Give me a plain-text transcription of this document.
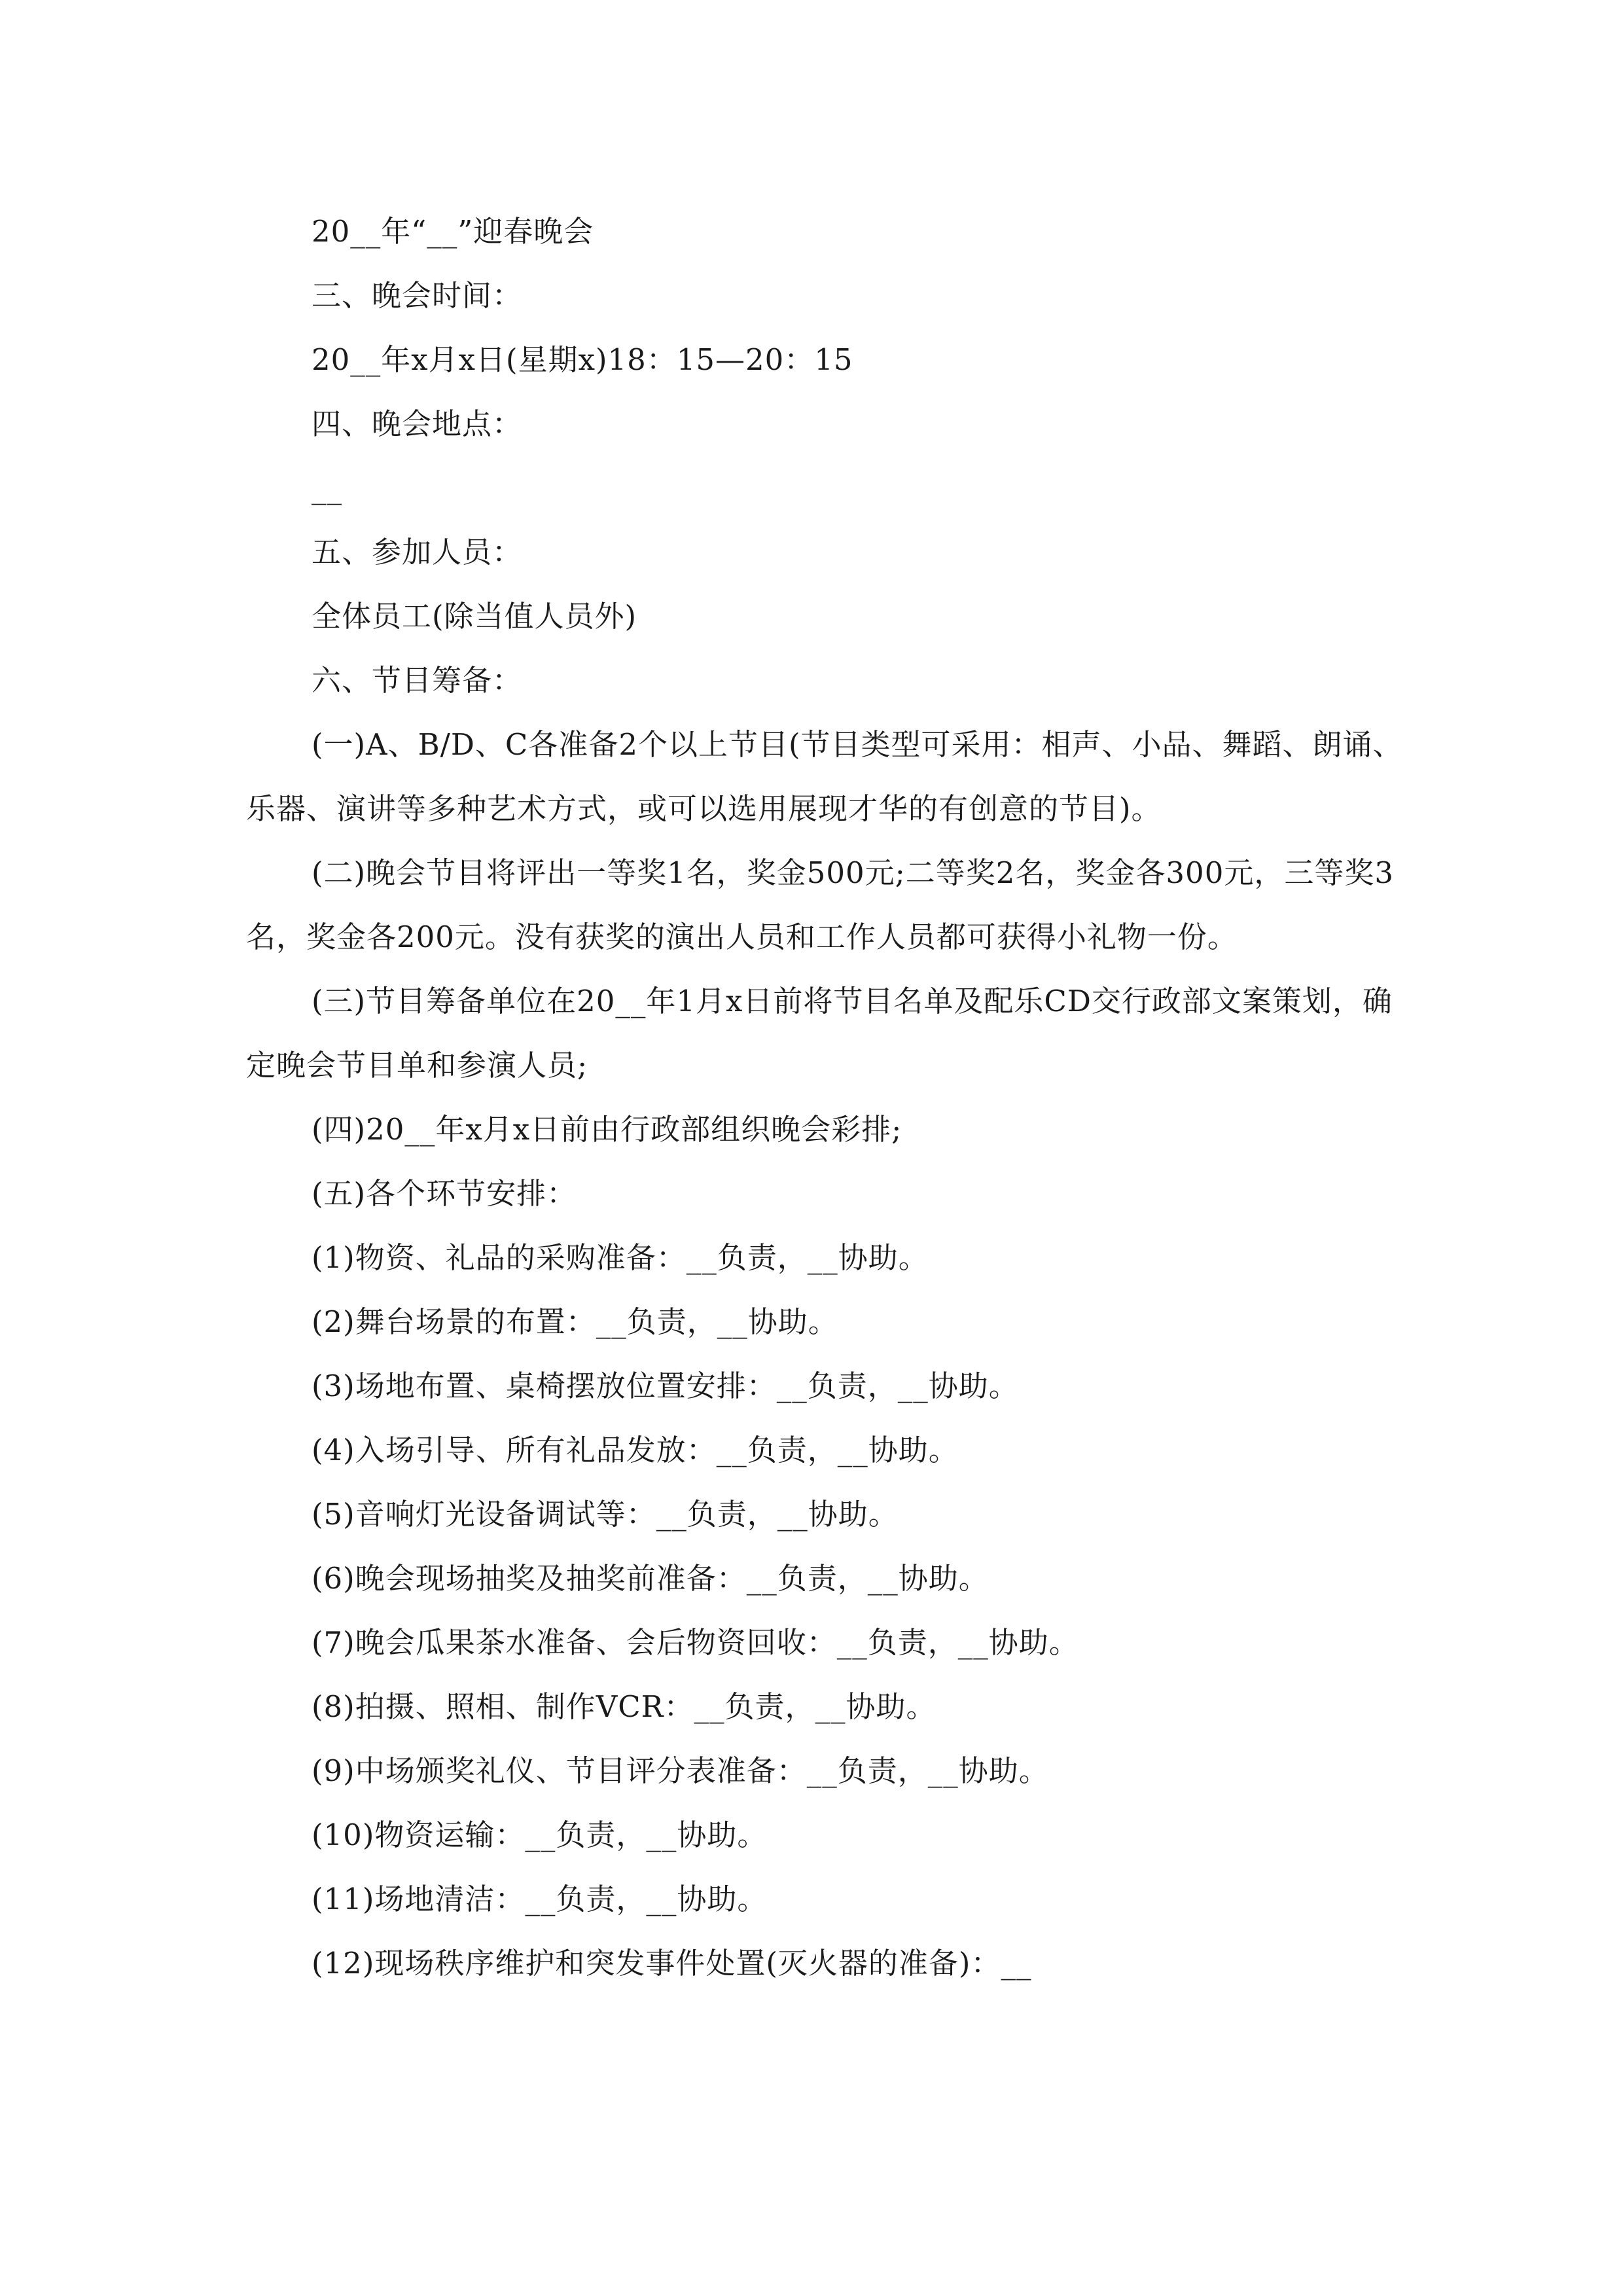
20__年“__”迎春晚会

三、晚会时间：

20__年x月x日(星期x)18：15—20：15

四、晚会地点：

__

五、参加人员：

全体员工(除当值人员外)

六、节目筹备：

(一)A、B/D、C各准备2个以上节目(节目类型可采用：相声、小品、舞蹈、朗诵、乐器、演讲等多种艺术方式，或可以选用展现才华的有创意的节目)。

(二)晚会节目将评出一等奖1名，奖金500元;二等奖2名，奖金各300元，三等奖3名，奖金各200元。没有获奖的演出人员和工作人员都可获得小礼物一份。

(三)节目筹备单位在20__年1月x日前将节目名单及配乐CD交行政部文案策划，确定晚会节目单和参演人员;

(四)20__年x月x日前由行政部组织晚会彩排;

(五)各个环节安排：

(1)物资、礼品的采购准备：__负责，__协助。

(2)舞台场景的布置：__负责，__协助。

(3)场地布置、桌椅摆放位置安排：__负责，__协助。

(4)入场引导、所有礼品发放：__负责，__协助。

(5)音响灯光设备调试等：__负责，__协助。

(6)晚会现场抽奖及抽奖前准备：__负责，__协助。

(7)晚会瓜果茶水准备、会后物资回收：__负责，__协助。

(8)拍摄、照相、制作VCR：__负责，__协助。

(9)中场颁奖礼仪、节目评分表准备：__负责，__协助。

(10)物资运输：__负责，__协助。

(11)场地清洁：__负责，__协助。

(12)现场秩序维护和突发事件处置(灭火器的准备)：__
